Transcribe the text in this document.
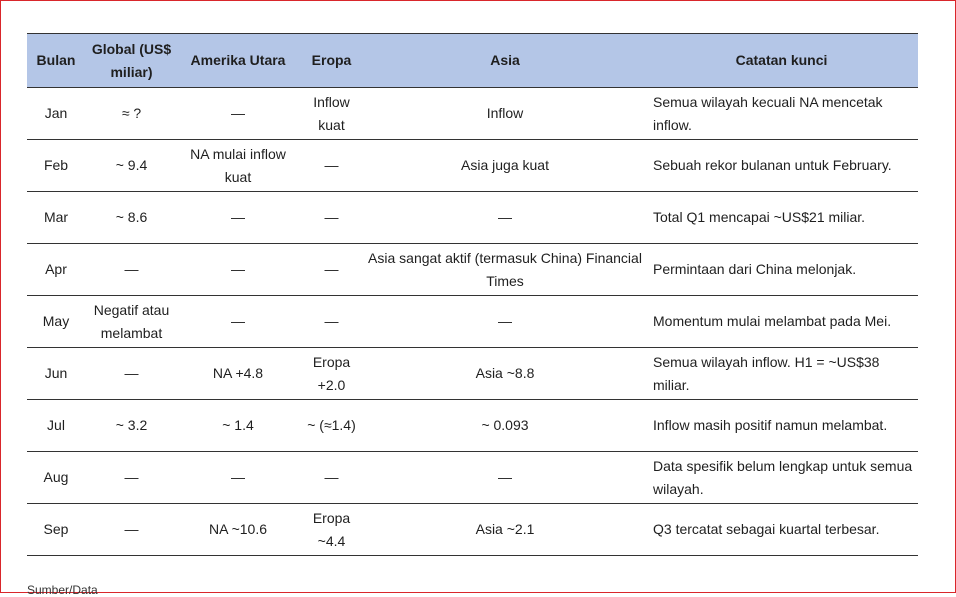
Bulan	Global (US$ miliar)	Amerika Utara	Eropa	Asia	Catatan kunci
Jan	≈ ?	—	Inflow kuat	Inflow	Semua wilayah kecuali NA mencetak inflow.
Feb	~ 9.4	NA mulai inflow kuat	—	Asia juga kuat	Sebuah rekor bulanan untuk February.
Mar	~ 8.6	—	—	—	Total Q1 mencapai ~US$21 miliar.
Apr	—	—	—	Asia sangat aktif (termasuk China) Financial Times	Permintaan dari China melonjak.
May	Negatif atau melambat	—	—	—	Momentum mulai melambat pada Mei.
Jun	—	NA +4.8	Eropa +2.0	Asia ~8.8	Semua wilayah inflow. H1 = ~US$38 miliar.
Jul	~ 3.2	~ 1.4	~ (≈1.4)	~ 0.093	Inflow masih positif namun melambat.
Aug	—	—	—	—	Data spesifik belum lengkap untuk semua wilayah.
Sep	—	NA ~10.6	Eropa ~4.4	Asia ~2.1	Q3 tercatat sebagai kuartal terbesar.
Sumber/Data
